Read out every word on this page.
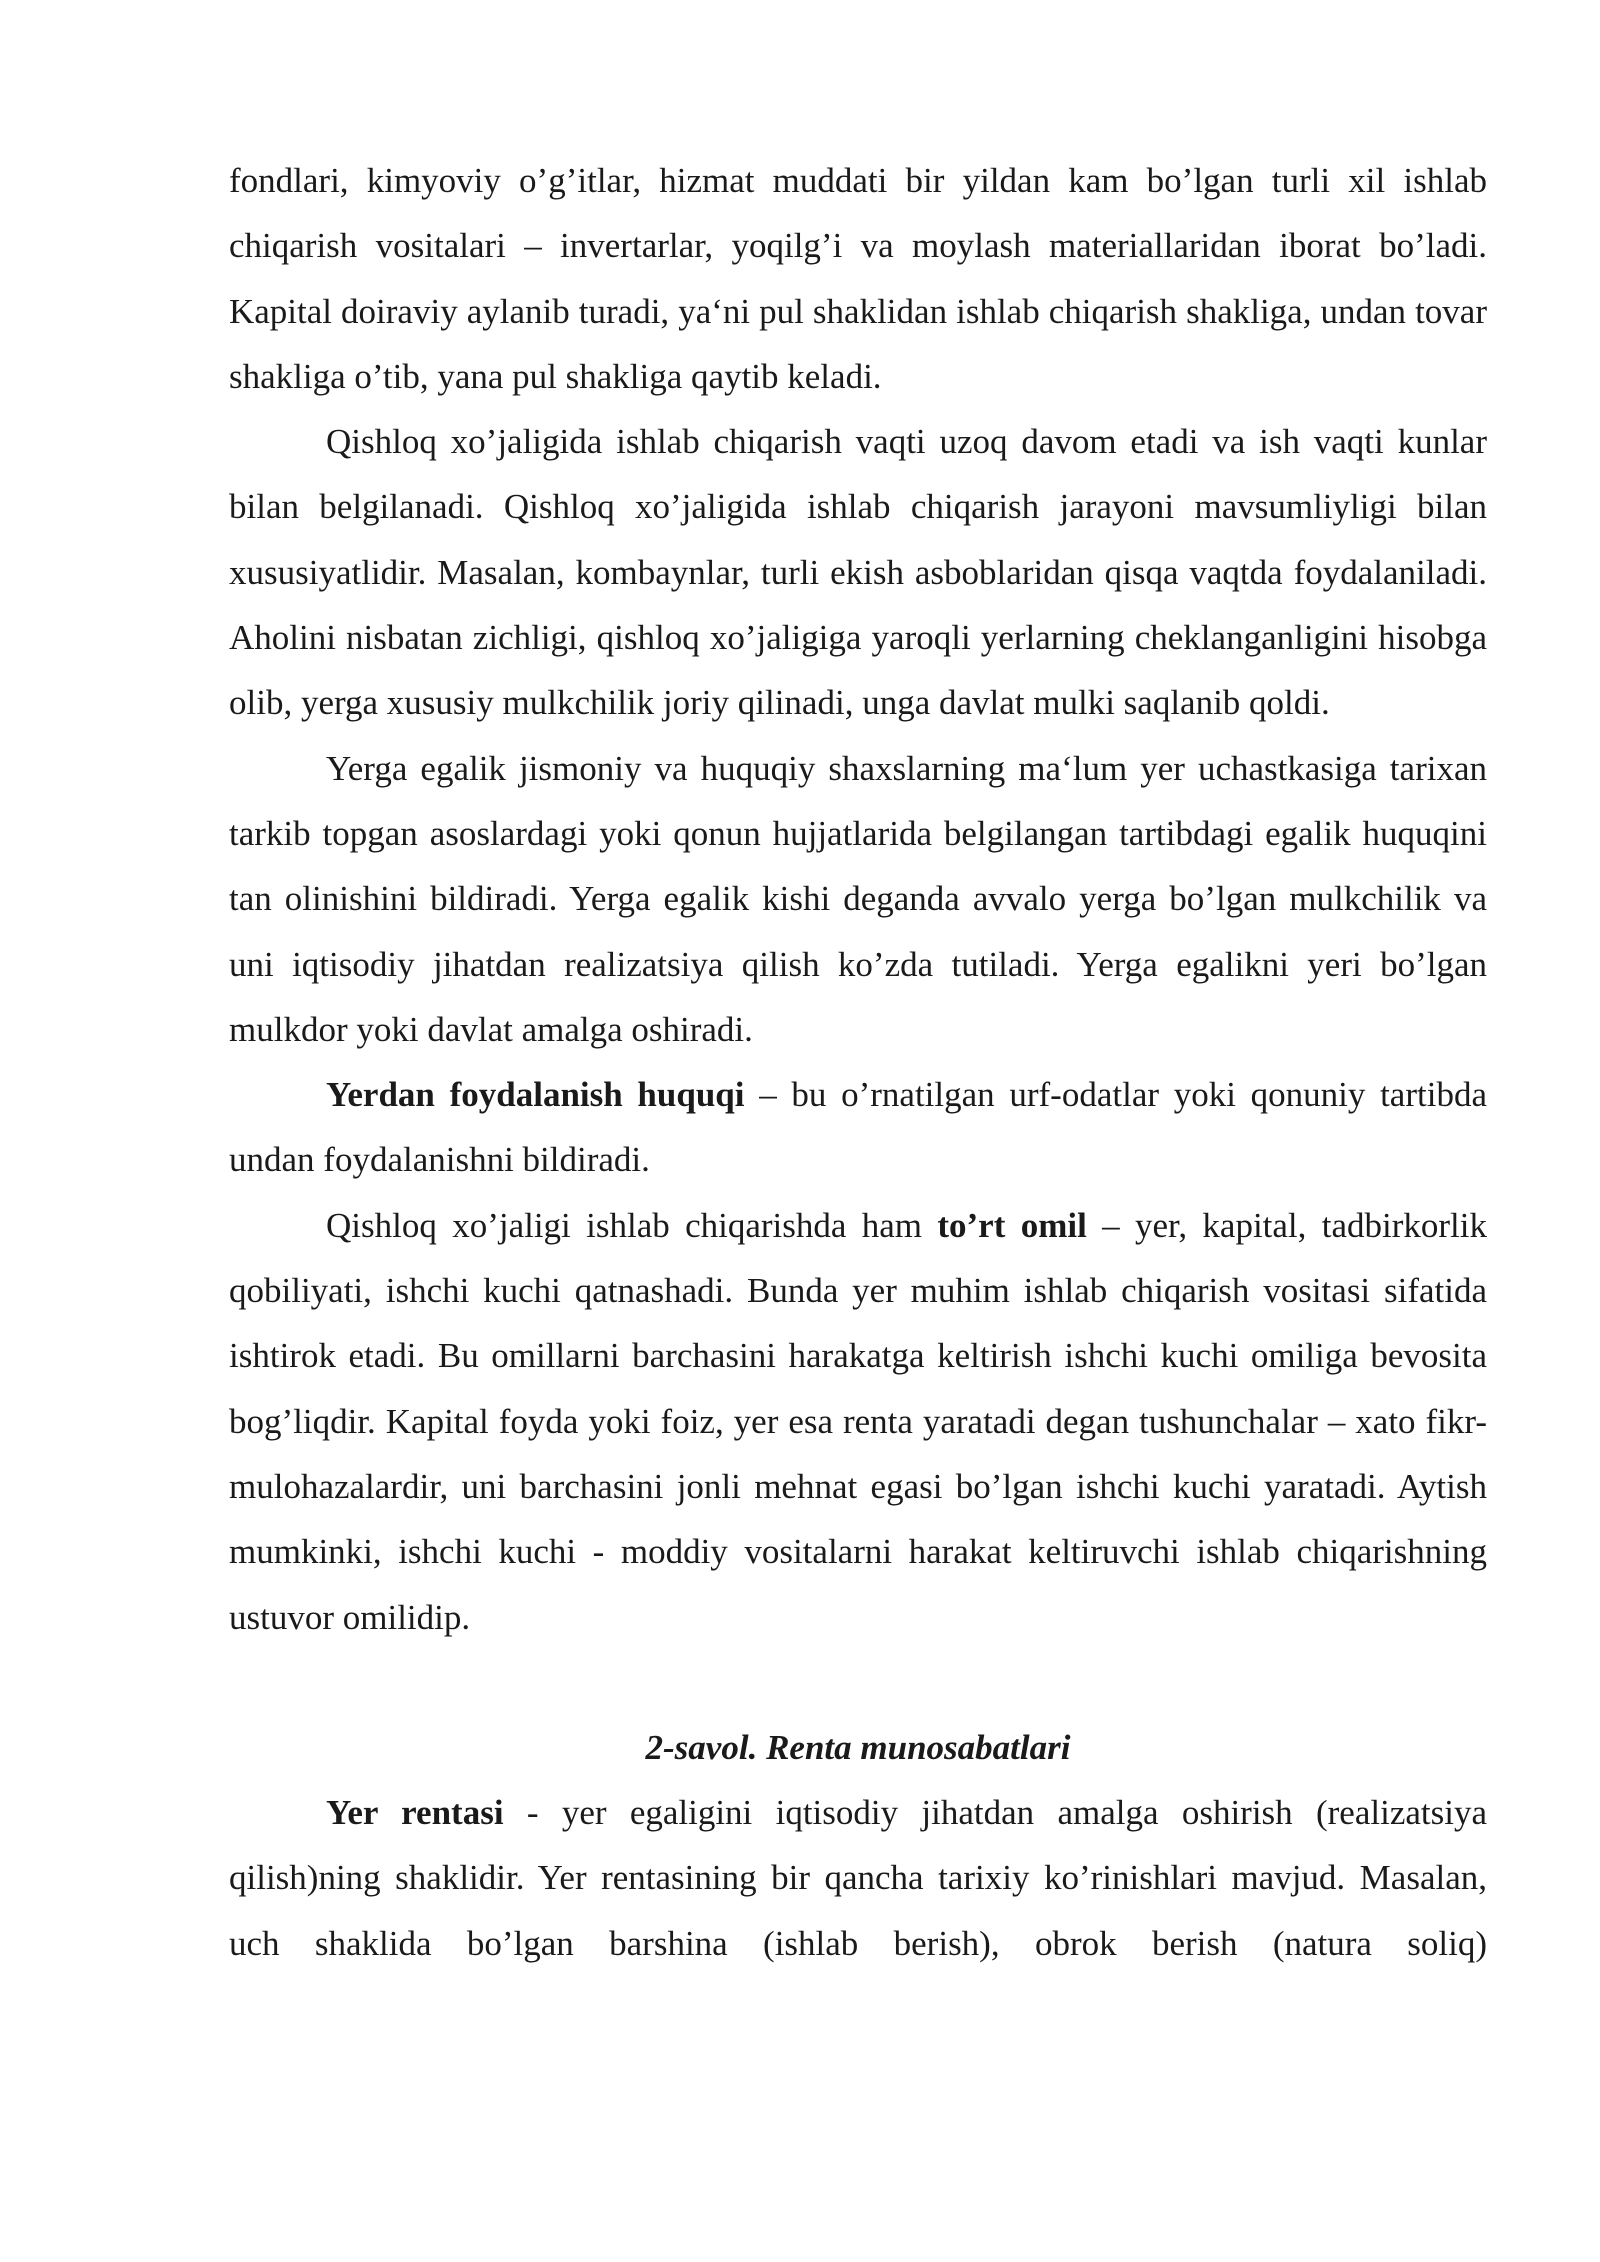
fondlari, kimyoviy o’g’itlar, hizmat muddati bir yildan kam bo’lgan turli xil ishlab chiqarish vositalari – invertarlar, yoqilg’i va moylash materiallaridan iborat bo’ladi. Kapital doiraviy aylanib turadi, ya‘ni pul shaklidan ishlab chiqarish shakliga, undan tovar shakliga o’tib, yana pul shakliga qaytib keladi.

Qishloq xo’jaligida ishlab chiqarish vaqti uzoq davom etadi va ish vaqti kunlar bilan belgilanadi. Qishloq xo’jaligida ishlab chiqarish jarayoni mavsumliyligi bilan xususiyatlidir. Masalan, kombaynlar, turli ekish asboblaridan qisqa vaqtda foydalaniladi. Aholini nisbatan zichligi, qishloq xo’jaligiga yaroqli yerlarning cheklanganligini hisobga olib, yerga xususiy mulkchilik joriy qilinadi, unga davlat mulki saqlanib qoldi.

Yerga egalik jismoniy va huquqiy shaxslarning ma‘lum yer uchastkasiga tarixan tarkib topgan asoslardagi yoki qonun hujjatlarida belgilangan tartibdagi egalik huquqini tan olinishini bildiradi. Yerga egalik kishi deganda avvalo yerga bo’lgan mulkchilik va uni iqtisodiy jihatdan realizatsiya qilish ko’zda tutiladi. Yerga egalikni yeri bo’lgan mulkdor yoki davlat amalga oshiradi.

Yerdan foydalanish huquqi – bu o’rnatilgan urf-odatlar yoki qonuniy tartibda undan foydalanishni bildiradi.

Qishloq xo’jaligi ishlab chiqarishda ham to’rt omil – yer, kapital, tadbirkorlik qobiliyati, ishchi kuchi qatnashadi. Bunda yer muhim ishlab chiqarish vositasi sifatida ishtirok etadi. Bu omillarni barchasini harakatga keltirish ishchi kuchi omiliga bevosita bog’liqdir. Kapital foyda yoki foiz, yer esa renta yaratadi degan tushunchalar – xato fikr-mulohazalardir, uni barchasini jonli mehnat egasi bo’lgan ishchi kuchi yaratadi. Aytish mumkinki, ishchi kuchi - moddiy vositalarni harakat keltiruvchi ishlab chiqarishning ustuvor omilidip.

2-savol. Renta munosabatlari

Yer rentasi - yer egaligini iqtisodiy jihatdan amalga oshirish (realizatsiya qilish)ning shaklidir. Yer rentasining bir qancha tarixiy ko’rinishlari mavjud. Masalan, uch shaklida bo’lgan barshina (ishlab berish), obrok berish (natura soliq)
